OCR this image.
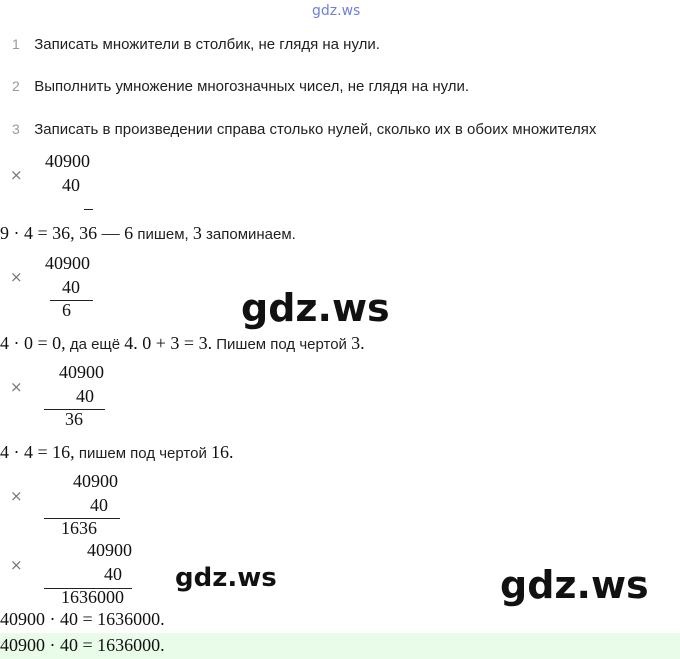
gdz.ws
1 Записать множители в столбик, не глядя на нули.
2 Выполнить умножение многозначных чисел, не глядя на нули.
3 Записать в произведении справа столько нулей, сколько их в обоих множителях
×
40900
40
9 · 4 = 36, 36 — 6 пишем, 3 запоминаем.
×
40900
40
6
4 · 0 = 0, да ещё 4. 0 + 3 = 3. Пишем под чертой 3.
×
40900
40
36
4 · 4 = 16, пишем под чертой 16.
×
40900
40
1636
×
40900
40
1636000
40900 · 40 = 1636000.
40900 · 40 = 1636000.
gdz.ws
gdz.ws	gdz.ws
